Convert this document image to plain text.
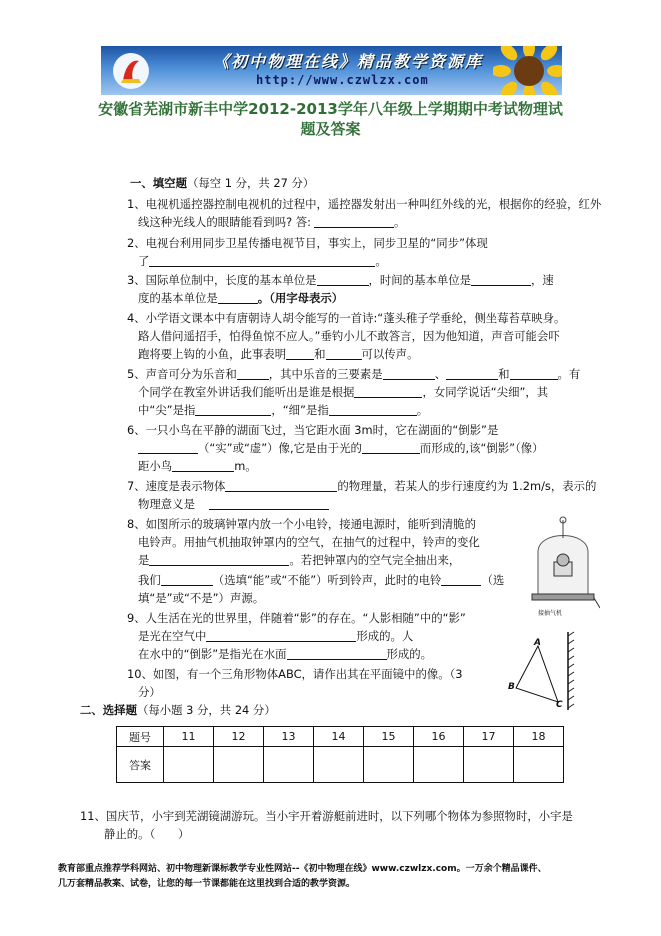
《初中物理在线》精品教学资源库
http://www.czwlzx.com
安徽省芜湖市新丰中学2012-2013学年八年级上学期期中考试物理试
题及答案
一、填空题（每空 1 分，共 27 分）
1、电视机遥控器控制电视机的过程中，遥控器发射出一种叫红外线的光，根据你的经验，红外
线这种光线人的眼睛能看到吗? 答:	。
2、电视台利用同步卫星传播电视节目，事实上，同步卫星的“同步”体现
了	。
3、国际单位制中，长度的基本单位是	，时间的基本单位是	，速
度的基本单位是	。（用字母表示）
4、小学语文课本中有唐朝诗人胡令能写的一首诗:“蓬头稚子学垂纶，侧坐莓苔草映身。
路人借问遥招手，怕得鱼惊不应人。”垂钓小儿不敢答言，因为他知道，声音可能会吓
跑将要上钩的小鱼，此事表明 和	可以传声。
5、声音可分为乐音和	，其中乐音的三要素是	、	和	。有
个同学在教室外讲话我们能听出是谁是根据	，女同学说话“尖细”，其
中“尖”是指	，“细”是指	。
6、一只小鸟在平静的湖面飞过，当它距水面 3m时，它在湖面的“倒影”是
（“实”或“虚”）像,它是由于光的	而形成的,该“倒影”（像）
距小鸟	m。
7、速度是表示物体	的物理量，若某人的步行速度约为 1.2m/s，表示的
物理意义是
8、如图所示的玻璃钟罩内放一个小电铃，接通电源时，能听到清脆的
电铃声。用抽气机抽取钟罩内的空气，在抽气的过程中，铃声的变化
是	。若把钟罩内的空气完全抽出来，
我们	（选填“能”或“不能”）听到铃声，此时的电铃	（选
填“是”或“不是”）声源。
9、人生活在光的世界里，伴随着“影”的存在。“人影相随”中的“影”
是光在空气中	形成的。人
在水中的“倒影”是指光在水面	形成的。
10、如图，有一个三角形物体ABC，请作出其在平面镜中的像。（3
分）
接抽气机
A
B
C
二、选择题（每小题 3 分，共 24 分）
题号	11	12	13	14	15	16	17	18
答案								
11、国庆节，小宇到芜湖镜湖游玩。当小宇开着游艇前进时，以下列哪个物体为参照物时，小宇是
静止的。（　　）
教育部重点推荐学科网站、初中物理新课标教学专业性网站--《初中物理在线》www.czwlzx.com。一万余个精品课件、
几万套精品教案、试卷，让您的每一节课都能在这里找到合适的教学资源。
